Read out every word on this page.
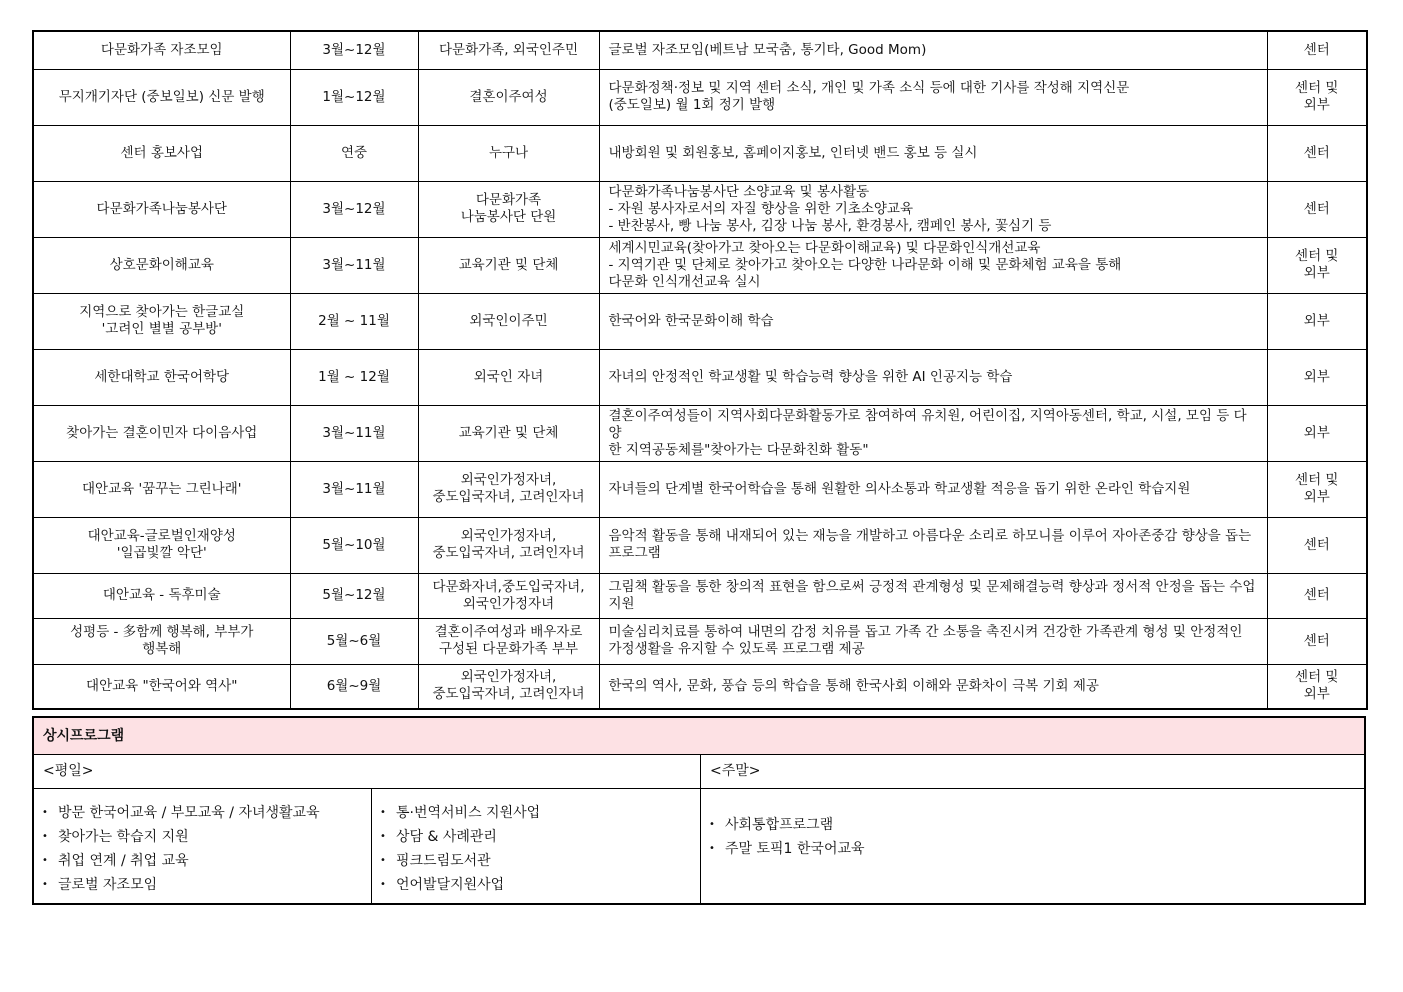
다문화가족 자조모임	3월~12월	다문화가족, 외국인주민	글로벌 자조모임(베트남 모국춤, 통기타, Good Mom)	센터

무지개기자단 (중보일보) 신문 발행	1월~12월	결혼이주여성	다문화정책·정보 및 지역 센터 소식, 개인 및 가족 소식 등에 대한 기사를 작성해 지역신문
(중도일보) 월 1회 정기 발행	센터 및
외부

센터 홍보사업	연중	누구나	내방회원 및 회원홍보, 홈페이지홍보, 인터넷 밴드 홍보 등 실시	센터

다문화가족나눔봉사단	3월~12월	다문화가족
나눔봉사단 단원	다문화가족나눔봉사단 소양교육 및 봉사활동
- 자원 봉사자로서의 자질 향상을 위한 기초소양교육
- 반찬봉사, 빵 나눔 봉사, 김장 나눔 봉사, 환경봉사, 캠페인 봉사, 꽃심기 등	센터

상호문화이해교육	3월~11월	교육기관 및 단체	세계시민교육(찾아가고 찾아오는 다문화이해교육) 및 다문화인식개선교육
- 지역기관 및 단체로 찾아가고 찾아오는 다양한 나라문화 이해 및 문화체험 교육을 통해
다문화 인식개선교육 실시	센터 및
외부

지역으로 찾아가는 한글교실
'고려인 별별 공부방'	2월 ~ 11월	외국인이주민	한국어와 한국문화이해 학습	외부

세한대학교 한국어학당	1월 ~ 12월	외국인 자녀	자녀의 안정적인 학교생활 및 학습능력 향상을 위한 AI 인공지능 학습	외부

찾아가는 결혼이민자 다이음사업	3월~11월	교육기관 및 단체	결혼이주여성들이 지역사회다문화활동가로 참여하여 유치원, 어린이집, 지역아동센터, 학교, 시설, 모임 등 다양
한 지역공동체를"찾아가는 다문화친화 활동"	외부

대안교육 '꿈꾸는 그린나래'	3월~11월	외국인가정자녀,
중도입국자녀, 고려인자녀	자녀들의 단계별 한국어학습을 통해 원활한 의사소통과 학교생활 적응을 돕기 위한 온라인 학습지원	센터 및
외부

대안교육-글로벌인재양성
'일곱빛깔 악단'	5월~10월	외국인가정자녀,
중도입국자녀, 고려인자녀	음악적 활동을 통해 내재되어 있는 재능을 개발하고 아름다운 소리로 하모니를 이루어 자아존중감 향상을 돕는
프로그램	센터

대안교육 - 독후미술	5월~12월	다문화자녀,중도입국자녀,
외국인가정자녀	그림책 활동을 통한 창의적 표현을 함으로써 긍정적 관계형성 및 문제해결능력 향상과 정서적 안정을 돕는 수업
지원	센터

성평등 - 多함께 행복해, 부부가
행복해	5월~6월	결혼이주여성과 배우자로
구성된 다문화가족 부부	미술심리치료를 통하여 내면의 감정 치유를 돕고 가족 간 소통을 촉진시켜 건강한 가족관계 형성 및 안정적인
가정생활을 유지할 수 있도록 프로그램 제공	센터

대안교육 "한국어와 역사"	6월~9월	외국인가정자녀,
중도입국자녀, 고려인자녀	한국의 역사, 문화, 풍습 등의 학습을 통해 한국사회 이해와 문화차이 극복 기회 제공	센터 및
외부
상시프로그램
<평일>	<주말>
• 방문 한국어교육 / 부모교육 / 자녀생활교육
• 찾아가는 학습지 지원
• 취업 연계 / 취업 교육
• 글로벌 자조모임
• 통·번역서비스 지원사업
• 상담 & 사례관리
• 핑크드림도서관
• 언어발달지원사업
• 사회통합프로그램
• 주말 토픽1 한국어교육
